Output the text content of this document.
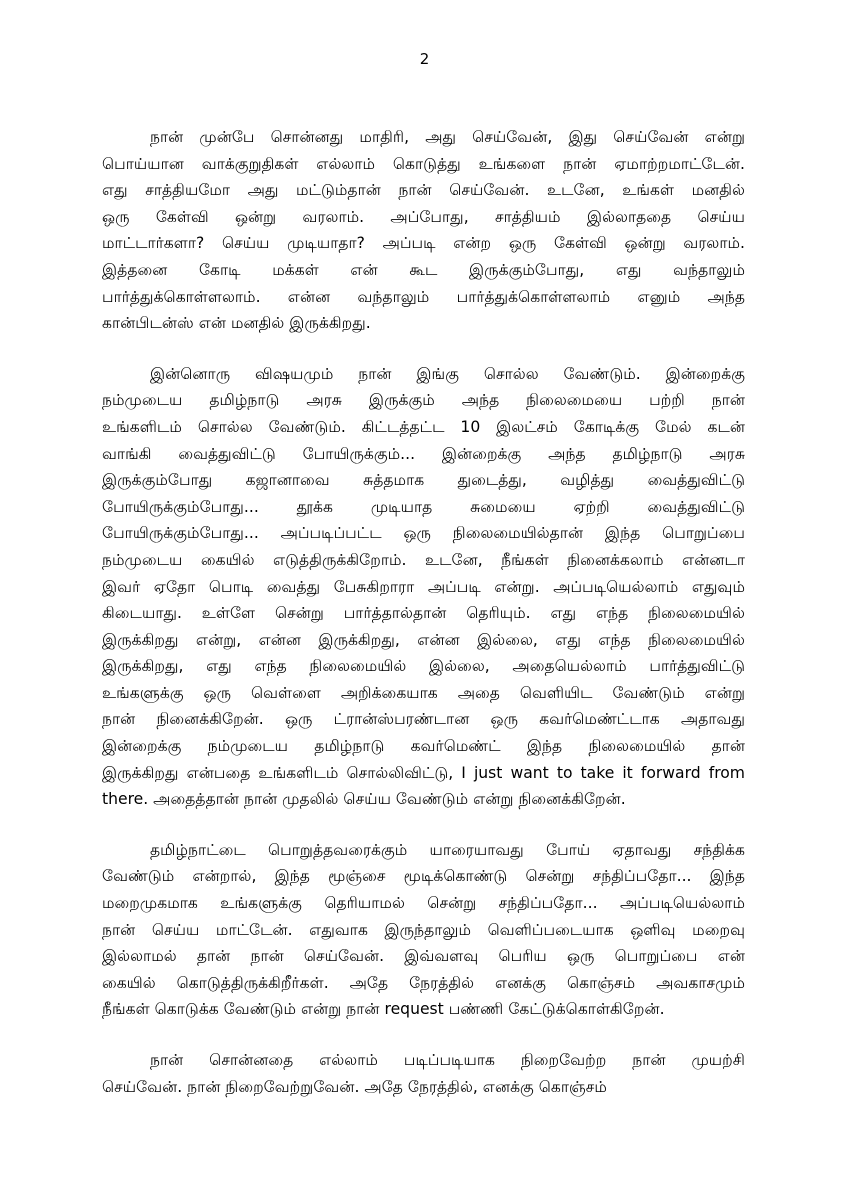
2

நான் முன்பே சொன்னது மாதிரி, அது செய்வேன், இது செய்வேன் என்று
பொய்யான வாக்குறுதிகள் எல்லாம் கொடுத்து உங்களை நான் ஏமாற்றமாட்டேன்.
எது சாத்தியமோ அது மட்டும்தான் நான் செய்வேன். உடனே, உங்கள் மனதில்
ஒரு கேள்வி ஒன்று வரலாம். அப்போது, சாத்தியம் இல்லாததை செய்ய
மாட்டார்களா? செய்ய முடியாதா? அப்படி என்ற ஒரு கேள்வி ஒன்று வரலாம்.
இத்தனை கோடி மக்கள் என் கூட இருக்கும்போது, எது வந்தாலும்
பார்த்துக்கொள்ளலாம். என்ன வந்தாலும் பார்த்துக்கொள்ளலாம் எனும் அந்த
கான்பிடன்ஸ் என் மனதில் இருக்கிறது.

இன்னொரு விஷயமும் நான் இங்கு சொல்ல வேண்டும். இன்றைக்கு
நம்முடைய தமிழ்நாடு அரசு இருக்கும் அந்த நிலைமையை பற்றி நான்
உங்களிடம் சொல்ல வேண்டும். கிட்டத்தட்ட 10 இலட்சம் கோடிக்கு மேல் கடன்
வாங்கி வைத்துவிட்டு போயிருக்கும்... இன்றைக்கு அந்த தமிழ்நாடு அரசு
இருக்கும்போது கஜானாவை சுத்தமாக துடைத்து, வழித்து வைத்துவிட்டு
போயிருக்கும்போது... தூக்க முடியாத சுமையை ஏற்றி வைத்துவிட்டு
போயிருக்கும்போது... அப்படிப்பட்ட ஒரு நிலைமையில்தான் இந்த பொறுப்பை
நம்முடைய கையில் எடுத்திருக்கிறோம். உடனே, நீங்கள் நினைக்கலாம் என்னடா
இவர் ஏதோ பொடி வைத்து பேசுகிறாரா அப்படி என்று. அப்படியெல்லாம் எதுவும்
கிடையாது. உள்ளே சென்று பார்த்தால்தான் தெரியும். எது எந்த நிலைமையில்
இருக்கிறது என்று, என்ன இருக்கிறது, என்ன இல்லை, எது எந்த நிலைமையில்
இருக்கிறது, எது எந்த நிலைமையில் இல்லை, அதையெல்லாம் பார்த்துவிட்டு
உங்களுக்கு ஒரு வெள்ளை அறிக்கையாக அதை வெளியிட வேண்டும் என்று
நான் நினைக்கிறேன். ஒரு ட்ரான்ஸ்பரண்டான ஒரு கவர்மெண்ட்டாக அதாவது
இன்றைக்கு நம்முடைய தமிழ்நாடு கவர்மெண்ட் இந்த நிலைமையில் தான்
இருக்கிறது என்பதை உங்களிடம் சொல்லிவிட்டு, I just want to take it forward from
there. அதைத்தான் நான் முதலில் செய்ய வேண்டும் என்று நினைக்கிறேன்.

தமிழ்நாட்டை பொறுத்தவரைக்கும் யாரையாவது போய் ஏதாவது சந்திக்க
வேண்டும் என்றால், இந்த மூஞ்சை மூடிக்கொண்டு சென்று சந்திப்பதோ... இந்த
மறைமுகமாக உங்களுக்கு தெரியாமல் சென்று சந்திப்பதோ... அப்படியெல்லாம்
நான் செய்ய மாட்டேன். எதுவாக இருந்தாலும் வெளிப்படையாக ஒளிவு மறைவு
இல்லாமல் தான் நான் செய்வேன். இவ்வளவு பெரிய ஒரு பொறுப்பை என்
கையில் கொடுத்திருக்கிறீர்கள். அதே நேரத்தில் எனக்கு கொஞ்சம் அவகாசமும்
நீங்கள் கொடுக்க வேண்டும் என்று நான் request பண்ணி கேட்டுக்கொள்கிறேன்.

நான் சொன்னதை எல்லாம் படிப்படியாக நிறைவேற்ற நான் முயற்சி
செய்வேன். நான் நிறைவேற்றுவேன். அதே நேரத்தில், எனக்கு கொஞ்சம்
